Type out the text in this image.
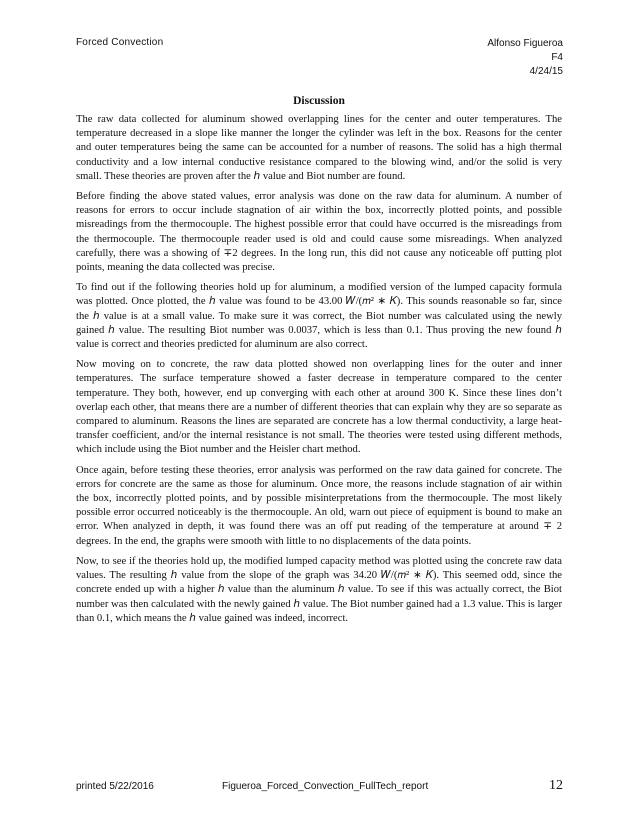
Forced Convection	Alfonso Figueroa
F4
4/24/15
Discussion

The raw data collected for aluminum showed overlapping lines for the center and outer temperatures. The temperature decreased in a slope like manner the longer the cylinder was left in the box. Reasons for the center and outer temperatures being the same can be accounted for a number of reasons. The solid has a high thermal conductivity and a low internal conductive resistance compared to the blowing wind, and/or the solid is very small. These theories are proven after the ℎ value and Biot number are found.

Before finding the above stated values, error analysis was done on the raw data for aluminum. A number of reasons for errors to occur include stagnation of air within the box, incorrectly plotted points, and possible misreadings from the thermocouple. The highest possible error that could have occurred is the misreadings from the thermocouple. The thermocouple reader used is old and could cause some misreadings. When analyzed carefully, there was a showing of ∓2 degrees. In the long run, this did not cause any noticeable off putting plot points, meaning the data collected was precise.

To find out if the following theories hold up for aluminum, a modified version of the lumped capacity formula was plotted. Once plotted, the ℎ value was found to be 43.00 𝑊/(𝑚² ∗ 𝐾). This sounds reasonable so far, since the ℎ value is at a small value. To make sure it was correct, the Biot number was calculated using the newly gained ℎ value. The resulting Biot number was 0.0037, which is less than 0.1. Thus proving the new found ℎ value is correct and theories predicted for aluminum are also correct.

Now moving on to concrete, the raw data plotted showed non overlapping lines for the outer and inner temperatures. The surface temperature showed a faster decrease in temperature compared to the center temperature. They both, however, end up converging with each other at around 300 K. Since these lines don’t overlap each other, that means there are a number of different theories that can explain why they are so separate as compared to aluminum. Reasons the lines are separated are concrete has a low thermal conductivity, a large heat-transfer coefficient, and/or the internal resistance is not small. The theories were tested using different methods, which include using the Biot number and the Heisler chart method.

Once again, before testing these theories, error analysis was performed on the raw data gained for concrete. The errors for concrete are the same as those for aluminum. Once more, the reasons include stagnation of air within the box, incorrectly plotted points, and by possible misinterpretations from the thermocouple. The most likely possible error occurred noticeably is the thermocouple. An old, warn out piece of equipment is bound to make an error. When analyzed in depth, it was found there was an off put reading of the temperature at around ∓ 2 degrees. In the end, the graphs were smooth with little to no displacements of the data points.

Now, to see if the theories hold up, the modified lumped capacity method was plotted using the concrete raw data values. The resulting ℎ value from the slope of the graph was 34.20 𝑊/(𝑚² ∗ 𝐾). This seemed odd, since the concrete ended up with a higher ℎ value than the aluminum ℎ value. To see if this was actually correct, the Biot number was then calculated with the newly gained ℎ value. The Biot number gained had a 1.3 value. This is larger than 0.1, which means the ℎ value gained was indeed, incorrect.

printed 5/22/2016	Figueroa_Forced_Convection_FullTech_report	12
